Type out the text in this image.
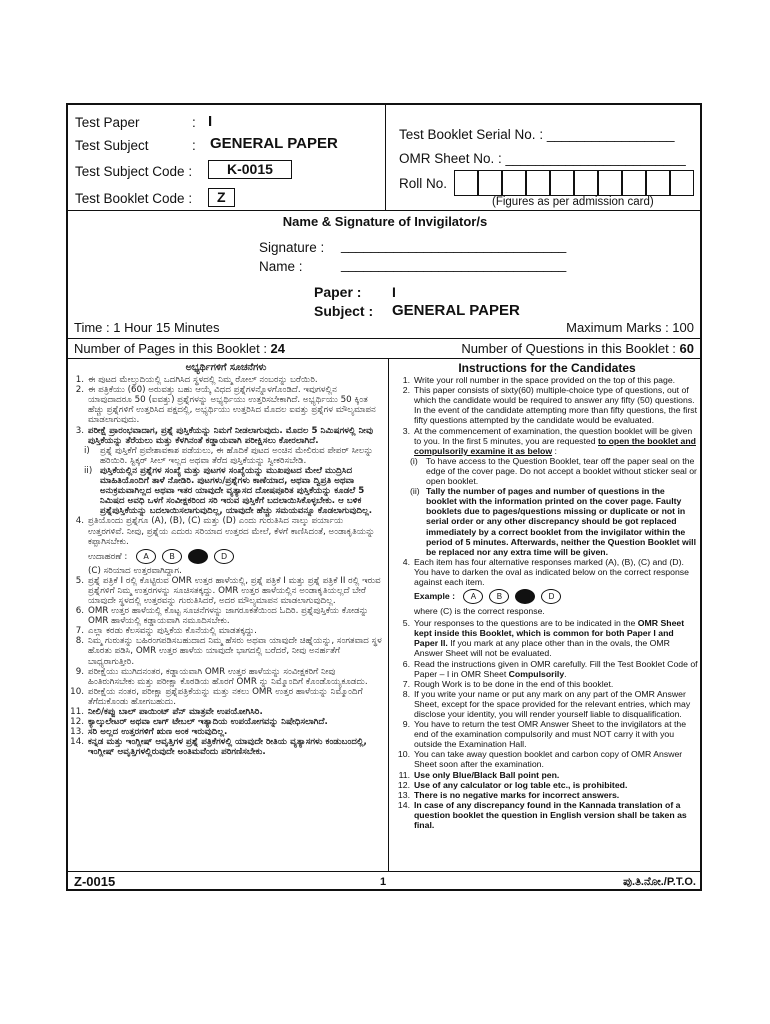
Test Paper	: I
Test Subject	: GENERAL PAPER
Test Subject Code :	K-0015
Test Booklet Code :	Z
Test Booklet Serial No. : _________________
OMR Sheet No. : ________________________
Roll No.
(Figures as per admission card)
Name & Signature of Invigilator/s
Signature : ______________________________
Name :	______________________________
Paper : I
Subject : GENERAL PAPER
Time : 1 Hour 15 Minutes	Maximum Marks : 100
Number of Pages in this Booklet : 24	Number of Questions in this Booklet : 60
ಅಭ್ಯರ್ಥಿಗಳಿಗೆ ಸೂಚನೆಗಳು
1. ಈ ಪುಟದ ಮೇಲ್ತುದಿಯಲ್ಲಿ ಒದಗಿಸಿದ ಸ್ಥಳದಲ್ಲಿ ನಿಮ್ಮ ರೋಲ್ ನಂಬರನ್ನು ಬರೆಯಿರಿ.
2. ಈ ಪತ್ರಿಕೆಯು (60) ಅರುವತ್ತು ಬಹು ಆಯ್ಕೆ ವಿಧದ ಪ್ರಶ್ನೆಗಳನ್ನೊಳಗೊಂಡಿದೆ. ಇವುಗಳಲ್ಲಿನ ಯಾವುದಾದರೂ 50 (ಐವತ್ತು) ಪ್ರಶ್ನೆಗಳನ್ನು ಅಭ್ಯರ್ಥಿಯು ಉತ್ತರಿಸಬೇಕಾಗಿದೆ. ಅಭ್ಯರ್ಥಿಯು 50 ಕ್ಕಿಂತ ಹೆಚ್ಚು ಪ್ರಶ್ನೆಗಳಿಗೆ ಉತ್ತರಿಸಿದ ಪಕ್ಷದಲ್ಲಿ, ಅಭ್ಯರ್ಥಿಯು ಉತ್ತರಿಸಿದ ಮೊದಲ ಐವತ್ತು ಪ್ರಶ್ನೆಗಳ ಮೌಲ್ಯಮಾಪನ ಮಾಡಲಾಗುವುದು.
3. ಪರೀಕ್ಷೆ ಪ್ರಾರಂಭವಾದಾಗ, ಪ್ರಶ್ನೆ ಪುಸ್ತಿಕೆಯನ್ನು ನಿಮಗೆ ನೀಡಲಾಗುವುದು. ಮೊದಲ 5 ನಿಮಿಷಗಳಲ್ಲಿ ನೀವು ಪುಸ್ತಿಕೆಯನ್ನು ತೆರೆಯಲು ಮತ್ತು ಕೆಳಗಿನಂತೆ ಕಡ್ಡಾಯವಾಗಿ ಪರೀಕ್ಷಿಸಲು ಕೋರಲಾಗಿದೆ.
i)	ಪ್ರಶ್ನೆ ಪುಸ್ತಿಕೆಗೆ ಪ್ರವೇಶಾವಕಾಶ ಪಡೆಯಲು, ಈ ಹೊದಿಕೆ ಪುಟದ ಅಂಚಿನ ಮೇಲಿರುವ ಪೇಪರ್ ಸೀಲನ್ನು ಹರಿಯಿರಿ. ಸ್ಟಿಕ್ಕರ್ ಸೀಲ್ ಇಲ್ಲದ ಅಥವಾ ತೆರೆದ ಪುಸ್ತಿಕೆಯನ್ನು ಸ್ವೀಕರಿಸಬೇಡಿ.
ii) ಪುಸ್ತಿಕೆಯಲ್ಲಿನ ಪ್ರಶ್ನೆಗಳ ಸಂಖ್ಯೆ ಮತ್ತು ಪುಟಗಳ ಸಂಖ್ಯೆಯನ್ನು ಮುಖಪುಟದ ಮೇಲೆ ಮುದ್ರಿಸಿದ ಮಾಹಿತಿಯೊಂದಿಗೆ ತಾಳೆ ನೋಡಿರಿ. ಪುಟಗಳು/ಪ್ರಶ್ನೆಗಳು ಕಾಣೆಯಾದ, ಅಥವಾ ದ್ವಿಪ್ರತಿ ಅಥವಾ ಅನುಕ್ರಮವಾಗಿಲ್ಲದ ಅಥವಾ ಇತರ ಯಾವುದೇ ವ್ಯತ್ಯಾಸದ ದೋಷಪೂರಿತ ಪುಸ್ತಿಕೆಯನ್ನು ಕೂಡಲೆ 5 ನಿಮಿಷದ ಅವಧಿ ಒಳಗೆ ಸಂವೀಕ್ಷಕರಿಂದ ಸರಿ ಇರುವ ಪುಸ್ತಿಕೆಗೆ ಬದಲಾಯಿಸಿಕೊಳ್ಳಬೇಕು. ಆ ಬಳಿಕ ಪ್ರಶ್ನೆಪುಸ್ತಿಕೆಯನ್ನು ಬದಲಾಯಿಸಲಾಗುವುದಿಲ್ಲ, ಯಾವುದೇ ಹೆಚ್ಚು ಸಮಯವನ್ನೂ ಕೊಡಲಾಗುವುದಿಲ್ಲ.
4. ಪ್ರತಿಯೊಂದು ಪ್ರಶ್ನೆಗೂ (A), (B), (C) ಮತ್ತು (D) ಎಂದು ಗುರುತಿಸಿದ ನಾಲ್ಕು ಪರ್ಯಾಯ ಉತ್ತರಗಳಿವೆ. ನೀವು, ಪ್ರಶ್ನೆಯ ಎದುರು ಸರಿಯಾದ ಉತ್ತರದ ಮೇಲೆ, ಕೆಳಗೆ ಕಾಣಿಸಿದಂತೆ, ಅಂಡಾಕೃತಿಯನ್ನು ಕಪ್ಪಾಗಿಸಬೇಕು.
ಉದಾಹರಣೆ :	A	B	D
(C) ಸರಿಯಾದ ಉತ್ತರವಾಗಿದ್ದಾಗ.
5. ಪ್ರಶ್ನೆ ಪತ್ರಿಕೆ I ರಲ್ಲಿ ಕೊಟ್ಟಿರುವ OMR ಉತ್ತರ ಹಾಳೆಯಲ್ಲಿ, ಪ್ರಶ್ನೆ ಪತ್ರಿಕೆ I ಮತ್ತು ಪ್ರಶ್ನೆ ಪತ್ರಿಕೆ II ರಲ್ಲಿ ಇರುವ ಪ್ರಶ್ನೆಗಳಿಗೆ ನಿಮ್ಮ ಉತ್ತರಗಳನ್ನು ಸೂಚಿಸತಕ್ಕದ್ದು. OMR ಉತ್ತರ ಹಾಳೆಯಲ್ಲಿನ ಅಂಡಾಕೃತಿಯಲ್ಲದೆ ಬೇರೆ ಯಾವುದೇ ಸ್ಥಳದಲ್ಲಿ ಉತ್ತರವನ್ನು ಗುರುತಿಸಿದರೆ, ಅದರ ಮೌಲ್ಯಮಾಪನ ಮಾಡಲಾಗುವುದಿಲ್ಲ.
6. OMR ಉತ್ತರ ಹಾಳೆಯಲ್ಲಿ ಕೊಟ್ಟ ಸೂಚನೆಗಳನ್ನು ಜಾಗರೂಕತೆಯಿಂದ ಓದಿರಿ. ಪ್ರಶ್ನೆಪುಸ್ತಿಕೆಯ ಕೋಡನ್ನು OMR ಹಾಳೆಯಲ್ಲಿ ಕಡ್ಡಾಯವಾಗಿ ನಮೂದಿಸಬೇಕು.
7. ಎಲ್ಲಾ ಕರಡು ಕೆಲಸವನ್ನು ಪುಸ್ತಿಕೆಯ ಕೊನೆಯಲ್ಲಿ ಮಾಡತಕ್ಕದ್ದು.
8. ನಿಮ್ಮ ಗುರುತನ್ನು ಬಹಿರಂಗಪಡಿಸಬಹುದಾದ ನಿಮ್ಮ ಹೆಸರು ಅಥವಾ ಯಾವುದೇ ಚಿಹ್ನೆಯನ್ನು, ಸಂಗತವಾದ ಸ್ಥಳ ಹೊರತು ಪಡಿಸಿ, OMR ಉತ್ತರ ಹಾಳೆಯ ಯಾವುದೇ ಭಾಗದಲ್ಲಿ ಬರೆದರೆ, ನೀವು ಅನರ್ಹತೆಗೆ ಬಾಧ್ಯರಾಗುತ್ತೀರಿ.
9. ಪರೀಕ್ಷೆಯು ಮುಗಿದನಂತರ, ಕಡ್ಡಾಯವಾಗಿ OMR ಉತ್ತರ ಹಾಳೆಯನ್ನು ಸಂವೀಕ್ಷಕರಿಗೆ ನೀವು ಹಿಂತಿರುಗಿಸಬೇಕು ಮತ್ತು ಪರೀಕ್ಷಾ ಕೊಠಡಿಯ ಹೊರಗೆ OMR ನ್ನು ನಿಮ್ಮೊಂದಿಗೆ ಕೊಂಡೊಯ್ಯಕೂಡದು.
10. ಪರೀಕ್ಷೆಯ ನಂತರ, ಪರೀಕ್ಷಾ ಪ್ರಶ್ನೆಪತ್ರಿಕೆಯನ್ನು ಮತ್ತು ನಕಲು OMR ಉತ್ತರ ಹಾಳೆಯನ್ನು ನಿಮ್ಮೊಂದಿಗೆ ತೆಗೆದುಕೊಂಡು ಹೋಗಬಹುದು.
11. ನೀಲಿ/ಕಪ್ಪು ಬಾಲ್ ಪಾಯಿಂಟ್ ಪೆನ್ ಮಾತ್ರವೇ ಉಪಯೋಗಿಸಿರಿ.
12. ಕ್ಯಾಲ್ಕುಲೇಟರ್ ಅಥವಾ ಲಾಗ್ ಟೇಬಲ್ ಇತ್ಯಾದಿಯ ಉಪಯೋಗವನ್ನು ನಿಷೇಧಿಸಲಾಗಿದೆ.
13. ಸರಿ ಅಲ್ಲದ ಉತ್ತರಗಳಿಗೆ ಋಣ ಅಂಕ ಇರುವುದಿಲ್ಲ.
14. ಕನ್ನಡ ಮತ್ತು ಇಂಗ್ಲೀಷ್ ಆವೃತ್ತಿಗಳ ಪ್ರಶ್ನೆ ಪತ್ರಿಕೆಗಳಲ್ಲಿ ಯಾವುದೇ ರೀತಿಯ ವ್ಯತ್ಯಾಸಗಳು ಕಂಡುಬಂದಲ್ಲಿ, ಇಂಗ್ಲೀಷ್ ಆವೃತ್ತಿಗಳಲ್ಲಿರುವುದೇ ಅಂತಿಮವೆಂದು ಪರಿಗಣಿಸಬೇಕು.
Instructions for the Candidates
1. Write your roll number in the space provided on the top of this page.
2. This paper consists of sixty(60) multiple-choice type of questions, out of which the candidate would be required to answer any fifty (50) questions. In the event of the candidate attempting more than fifty questions, the first fifty questions attempted by the candidate would be evaluated.
3. At the commencement of examination, the question booklet will be given to you. In the first 5 minutes, you are requested to open the booklet and compulsorily examine it as below :
(i) To have access to the Question Booklet, tear off the paper seal on the edge of the cover page. Do not accept a booklet without sticker seal or open booklet.
(ii) Tally the number of pages and number of questions in the booklet with the information printed on the cover page. Faulty booklets due to pages/questions missing or duplicate or not in serial order or any other discrepancy should be got replaced immediately by a correct booklet from the invigilator within the period of 5 minutes. Afterwards, neither the Question Booklet will be replaced nor any extra time will be given.
4. Each item has four alternative responses marked (A), (B), (C) and (D). You have to darken the oval as indicated below on the correct response against each item.
Example :	A	B	D
where (C) is the correct response.
5. Your responses to the questions are to be indicated in the OMR Sheet kept inside this Booklet, which is common for both Paper I and Paper II. If you mark at any place other than in the ovals, the OMR Answer Sheet will not be evaluated.
6. Read the instructions given in OMR carefully. Fill the Test Booklet Code of Paper – I in OMR Sheet Compulsorily.
7. Rough Work is to be done in the end of this booklet.
8. If you write your name or put any mark on any part of the OMR Answer Sheet, except for the space provided for the relevant entries, which may disclose your identity, you will render yourself liable to disqualification.
9. You have to return the test OMR Answer Sheet to the invigilators at the end of the examination compulsorily and must NOT carry it with you outside the Examination Hall.
10. You can take away question booklet and carbon copy of OMR Answer Sheet soon after the examination.
11. Use only Blue/Black Ball point pen.
12. Use of any calculator or log table etc., is prohibited.
13. There is no negative marks for incorrect answers.
14. In case of any discrepancy found in the Kannada translation of a question booklet the question in English version shall be taken as final.
Z-0015	1	ಪು.ತಿ.ನೋ./P.T.O.
